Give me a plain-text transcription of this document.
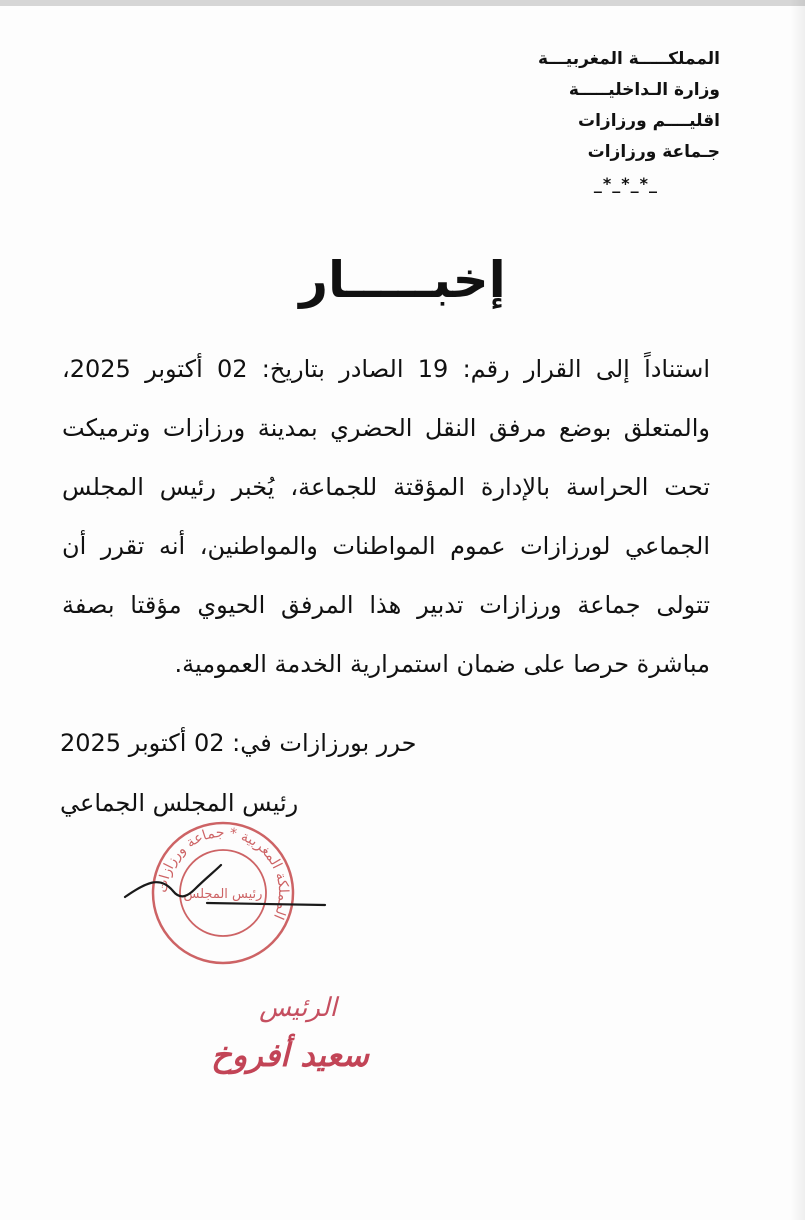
المملكـــــة المغربيـــة
وزارة الـداخليـــــة
اقليــــم ورزازات
جـماعة ورزازات
_*_*_*_
إخبـــــار
استناداً إلى القرار رقم: 19 الصادر بتاريخ: 02 أكتوبر 2025، والمتعلق بوضع مرفق النقل الحضري بمدينة ورزازات وترميكت تحت الحراسة بالإدارة المؤقتة للجماعة، يُخبر رئيس المجلس الجماعي لورزازات عموم المواطنات والمواطنين، أنه تقرر أن تتولى جماعة ورزازات تدبير هذا المرفق الحيوي مؤقتا بصفة مباشرة حرصا على ضمان استمرارية الخدمة العمومية.
حرر بورزازات في: 02 أكتوبر 2025
رئيس المجلس الجماعي
المملكة المغربية * جماعة ورزازات
رئيس المجلس
الرئيس
سعيد أفروخ
